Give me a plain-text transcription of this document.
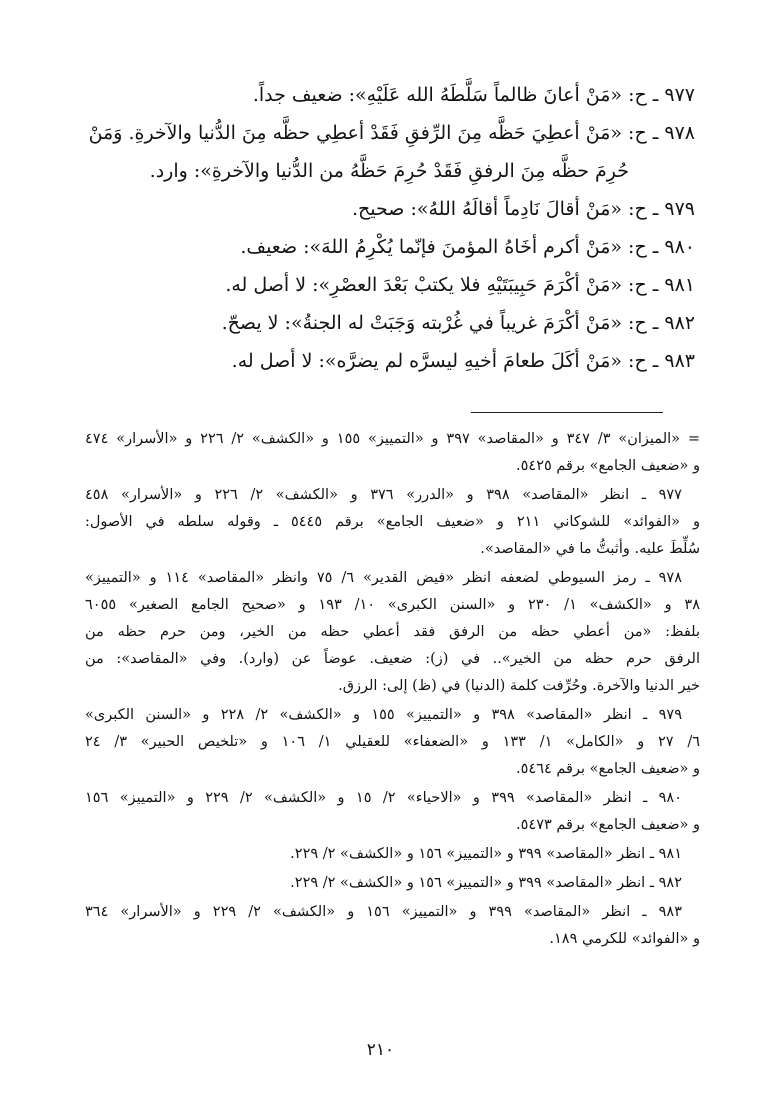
٩٧٧ ـ ح: «مَنْ أعانَ ظالماً سَلَّطَهُ الله عَلَيْهِ»: ضعيف جداً.

٩٧٨ ـ ح: «مَنْ أعطِيَ حَظَّه مِنَ الرِّفقِ فَقَدْ أعطِي حظَّه مِنَ الدُّنيا والآخرةِ. وَمَنْ
حُرِمَ حظَّه مِنَ الرفقِ فَقَدْ حُرِمَ حَظَّهُ من الدُّنيا والآخرةِ»: وارد.

٩٧٩ ـ ح: «مَنْ أقالَ نَادِماً أقالَهُ اللهُ»: صحيح.

٩٨٠ ـ ح: «مَنْ أكرم أخَاهُ المؤمنَ فإنّما يُكْرِمُ اللهَ»: ضعيف.

٩٨١ ـ ح: «مَنْ أكْرَمَ حَبِيبَتَيْهِ فلا يكتبْ بَعْدَ العصْرِ»: لا أصل له.

٩٨٢ ـ ح: «مَنْ أكْرَمَ غريباً في غُرْبته وَجَبَتْ له الجنةُ»: لا يصحّ.

٩٨٣ ـ ح: «مَنْ أكَلَ طعامَ أخيهِ ليسرَّه لم يضرَّه»: لا أصل له.

= «الميزان» ٣/ ٣٤٧ و «المقاصد» ٣٩٧ و «التمييز» ١٥٥ و «الكشف» ٢/ ٢٢٦ و «الأسرار» ٤٧٤
و «ضعيف الجامع» برقم ٥٤٢٥.
٩٧٧ ـ انظر «المقاصد» ٣٩٨ و «الدرر» ٣٧٦ و «الكشف» ٢/ ٢٢٦ و «الأسرار» ٤٥٨
و «الفوائد» للشوكاني ٢١١ و «ضعيف الجامع» برقم ٥٤٤٥ ـ وقوله سلطه في الأصول:
سُلِّطَ عليه. وأثبتُّ ما في «المقاصد».
٩٧٨ ـ رمز السيوطي لضعفه انظر «فيض القدير» ٦/ ٧٥ وانظر «المقاصد» ١١٤ و «التمييز»
٣٨ و «الكشف» ١/ ٢٣٠ و «السنن الكبرى» ١٠/ ١٩٣ و «صحيح الجامع الصغير» ٦٠٥٥
بلفظ: «من أعطي حظه من الرفق فقد أعطي حظه من الخير، ومن حرم حظه من
الرفق حرم حظه من الخير».. في (ز): ضعيف. عوضاً عن (وارد). وفي «المقاصد»: من
خير الدنيا والآخرة. وحُرِّفت كلمة (الدنيا) في (ظ) إلى: الرزق.
٩٧٩ ـ انظر «المقاصد» ٣٩٨ و «التمييز» ١٥٥ و «الكشف» ٢/ ٢٢٨ و «السنن الكبرى»
٦/ ٢٧ و «الكامل» ١/ ١٣٣ و «الضعفاء» للعقيلي ١/ ١٠٦ و «تلخيص الحبير» ٣/ ٢٤
و «ضعيف الجامع» برقم ٥٤٦٤.
٩٨٠ ـ انظر «المقاصد» ٣٩٩ و «الاحياء» ٢/ ١٥ و «الكشف» ٢/ ٢٢٩ و «التمييز» ١٥٦
و «ضعيف الجامع» برقم ٥٤٧٣.
٩٨١ ـ انظر «المقاصد» ٣٩٩ و «التمييز» ١٥٦ و «الكشف» ٢/ ٢٢٩.
٩٨٢ ـ انظر «المقاصد» ٣٩٩ و «التمييز» ١٥٦ و «الكشف» ٢/ ٢٢٩.
٩٨٣ ـ انظر «المقاصد» ٣٩٩ و «التمييز» ١٥٦ و «الكشف» ٢/ ٢٢٩ و «الأسرار» ٣٦٤
و «الفوائد» للكرمي ١٨٩.
٢١٠
